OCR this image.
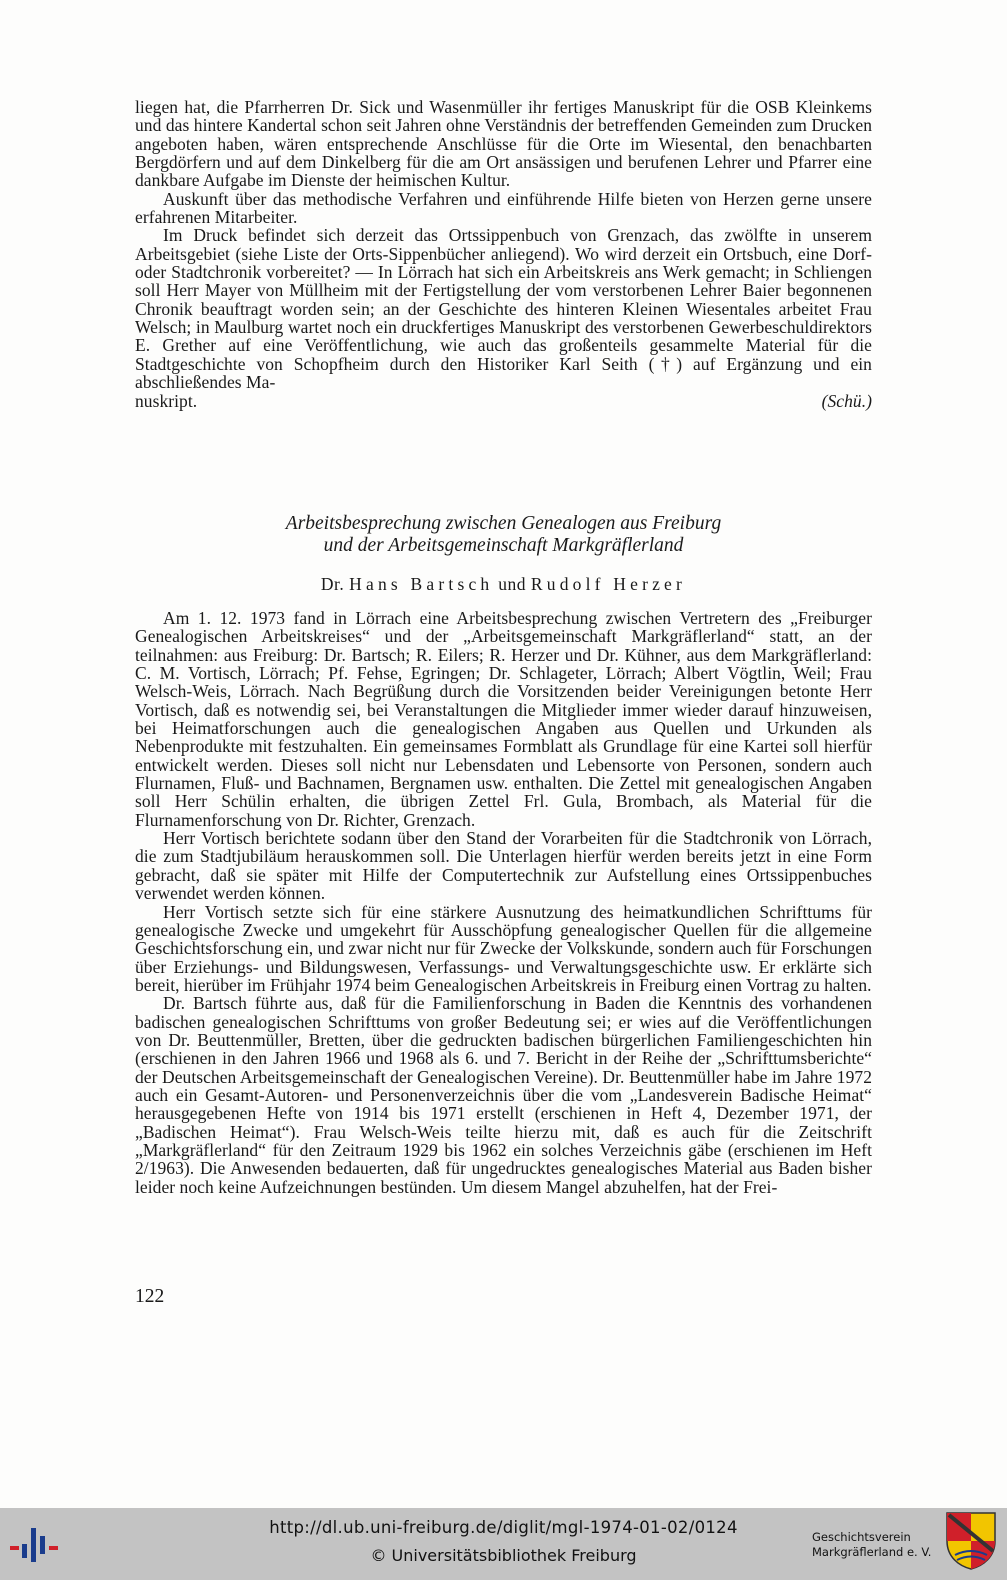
liegen hat, die Pfarrherren Dr. Sick und Wasenmüller ihr fertiges Manuskript für die OSB Kleinkems und das hintere Kandertal schon seit Jahren ohne Verständnis der betreffenden Gemeinden zum Drucken angeboten haben, wären entsprechende Anschlüsse für die Orte im Wiesental, den benachbarten Bergdörfern und auf dem Dinkelberg für die am Ort ansässigen und berufenen Lehrer und Pfarrer eine dankbare Aufgabe im Dienste der heimischen Kultur.

Auskunft über das methodische Verfahren und einführende Hilfe bieten von Herzen gerne unsere erfahrenen Mitarbeiter.

Im Druck befindet sich derzeit das Ortssippenbuch von Grenzach, das zwölfte in unserem Arbeitsgebiet (siehe Liste der Orts-Sippenbücher anliegend). Wo wird derzeit ein Ortsbuch, eine Dorf- oder Stadtchronik vorbereitet? — In Lörrach hat sich ein Arbeitskreis ans Werk gemacht; in Schliengen soll Herr Mayer von Müllheim mit der Fertigstellung der vom verstorbenen Lehrer Baier begonnenen Chronik beauftragt worden sein; an der Geschichte des hinteren Kleinen Wiesentales arbeitet Frau Welsch; in Maulburg wartet noch ein druckfertiges Manuskript des verstorbenen Gewerbeschuldirektors E. Grether auf eine Veröffentlichung, wie auch das großenteils gesammelte Material für die Stadtgeschichte von Schopfheim durch den Historiker Karl Seith (†) auf Ergänzung und ein abschließendes Ma-

nuskript.	(Schü.)

Arbeitsbesprechung zwischen Genealogen aus Freiburg
und der Arbeitsgemeinschaft Markgräflerland

Dr. Hans Bartsch und Rudolf Herzer

Am 1. 12. 1973 fand in Lörrach eine Arbeitsbesprechung zwischen Vertretern des „Freiburger Genealogischen Arbeitskreises“ und der „Arbeitsgemeinschaft Markgräflerland“ statt, an der teilnahmen: aus Freiburg: Dr. Bartsch; R. Eilers; R. Herzer und Dr. Kühner, aus dem Markgräflerland: C. M. Vortisch, Lörrach; Pf. Fehse, Egringen; Dr. Schlageter, Lörrach; Albert Vögtlin, Weil; Frau Welsch-Weis, Lörrach. Nach Begrüßung durch die Vorsitzenden beider Vereinigungen betonte Herr Vortisch, daß es notwendig sei, bei Veranstaltungen die Mitglieder immer wieder darauf hinzuweisen, bei Heimatforschungen auch die genealogischen Angaben aus Quellen und Urkunden als Nebenprodukte mit festzuhalten. Ein gemeinsames Formblatt als Grundlage für eine Kartei soll hierfür entwickelt werden. Dieses soll nicht nur Lebensdaten und Lebensorte von Personen, sondern auch Flurnamen, Fluß- und Bachnamen, Bergnamen usw. enthalten. Die Zettel mit genealogischen Angaben soll Herr Schülin erhalten, die übrigen Zettel Frl. Gula, Brombach, als Material für die Flurnamenforschung von Dr. Richter, Grenzach.

Herr Vortisch berichtete sodann über den Stand der Vorarbeiten für die Stadtchronik von Lörrach, die zum Stadtjubiläum herauskommen soll. Die Unterlagen hierfür werden bereits jetzt in eine Form gebracht, daß sie später mit Hilfe der Computertechnik zur Aufstellung eines Ortssippenbuches verwendet werden können.

Herr Vortisch setzte sich für eine stärkere Ausnutzung des heimatkundlichen Schrifttums für genealogische Zwecke und umgekehrt für Ausschöpfung genealogischer Quellen für die allgemeine Geschichtsforschung ein, und zwar nicht nur für Zwecke der Volkskunde, sondern auch für Forschungen über Erziehungs- und Bildungswesen, Verfassungs- und Verwaltungsgeschichte usw. Er erklärte sich bereit, hierüber im Frühjahr 1974 beim Genealogischen Arbeitskreis in Freiburg einen Vortrag zu halten.

Dr. Bartsch führte aus, daß für die Familienforschung in Baden die Kenntnis des vorhandenen badischen genealogischen Schrifttums von großer Bedeutung sei; er wies auf die Veröffentlichungen von Dr. Beuttenmüller, Bretten, über die gedruckten badischen bürgerlichen Familiengeschichten hin (erschienen in den Jahren 1966 und 1968 als 6. und 7. Bericht in der Reihe der „Schrifttumsberichte“ der Deutschen Arbeitsgemeinschaft der Genealogischen Vereine). Dr. Beuttenmüller habe im Jahre 1972 auch ein Gesamt-Autoren- und Personenverzeichnis über die vom „Landesverein Badische Heimat“ herausgegebenen Hefte von 1914 bis 1971 erstellt (erschienen in Heft 4, Dezember 1971, der „Badischen Heimat“). Frau Welsch-Weis teilte hierzu mit, daß es auch für die Zeitschrift „Markgräflerland“ für den Zeitraum 1929 bis 1962 ein solches Verzeichnis gäbe (erschienen im Heft 2/1963). Die Anwesenden bedauerten, daß für ungedrucktes genealogisches Material aus Baden bisher leider noch keine Aufzeichnungen bestünden. Um diesem Mangel abzuhelfen, hat der Frei-

122

http://dl.ub.uni-freiburg.de/diglit/mgl-1974-01-02/0124

© Universitätsbibliothek Freiburg

Geschichtsverein
Markgräflerland e. V.
